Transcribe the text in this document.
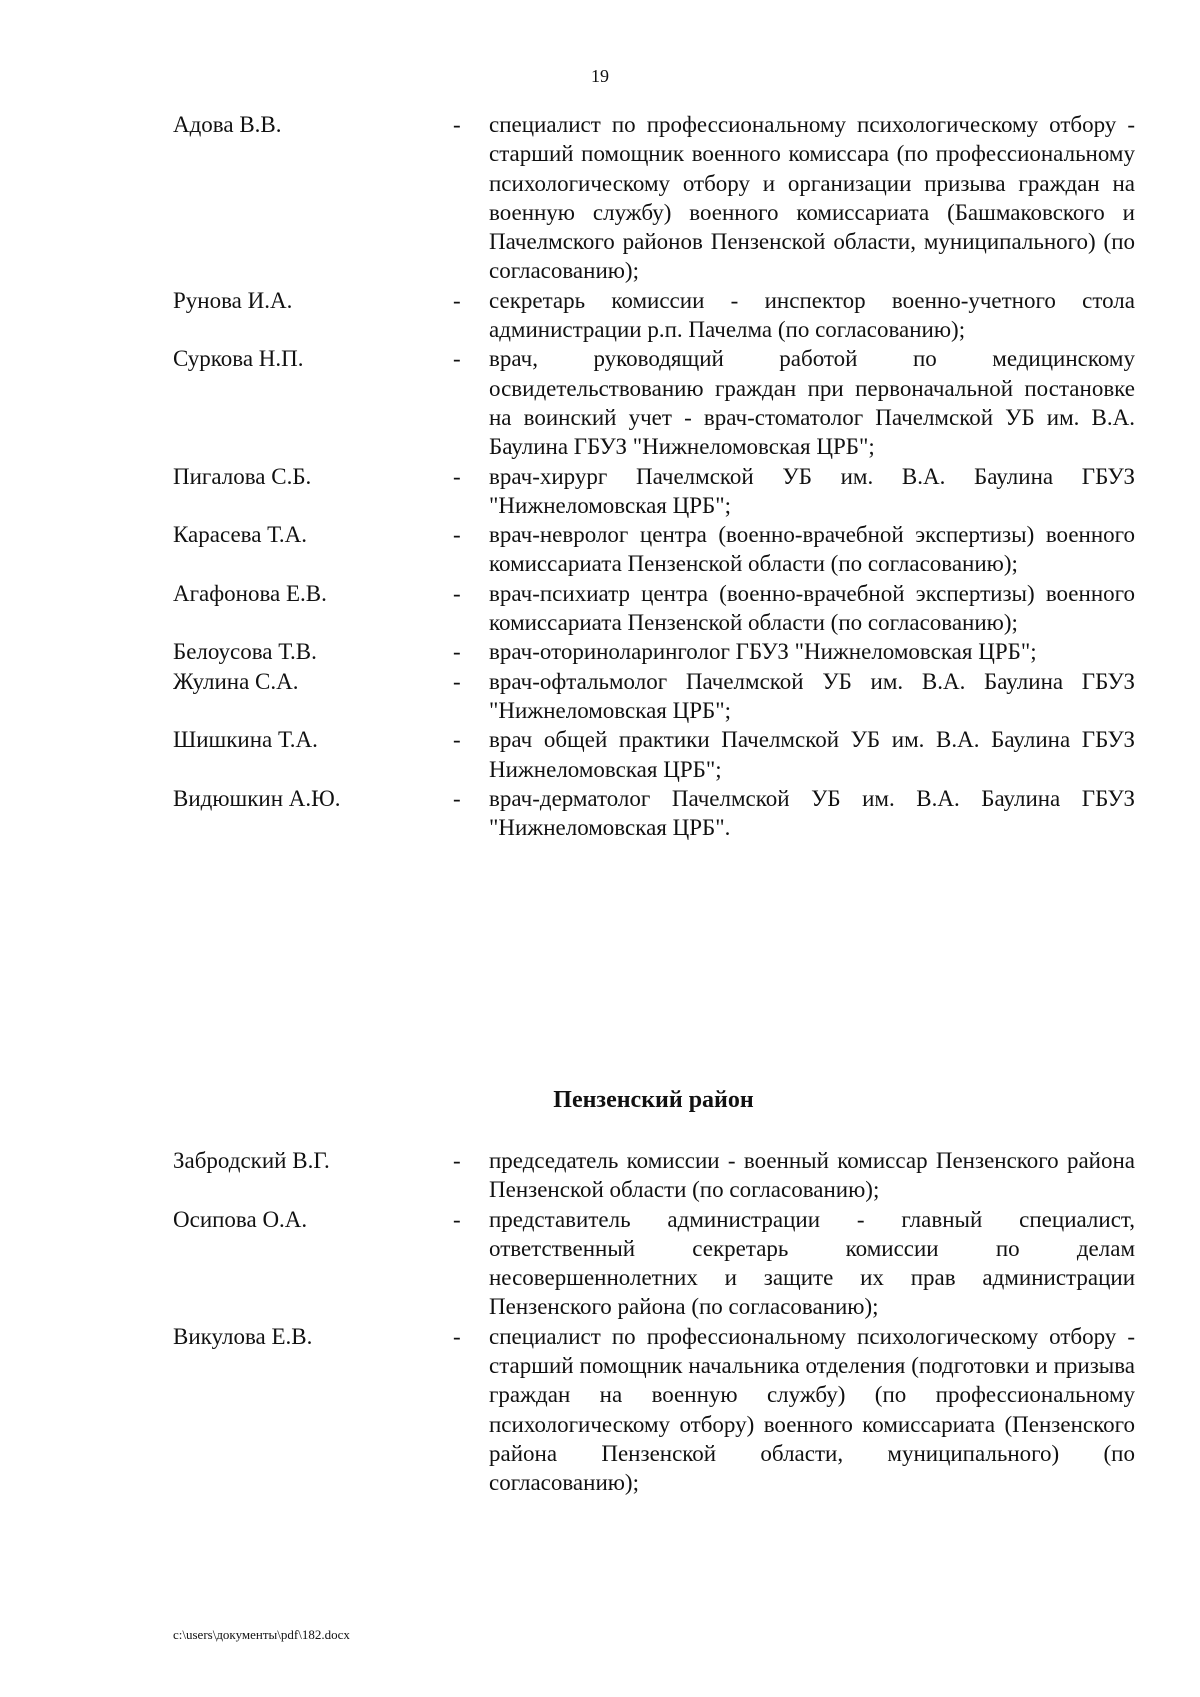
19
Адова В.В.	-	специалист по профессиональному психологическому отбору - старший помощник военного комиссара (по профессиональному психологическому отбору и организации призыва граждан на военную службу) военного комиссариата (Башмаковского и Пачелмского районов Пензенской области, муниципального) (по согласованию);
Рунова И.А.	-	секретарь комиссии - инспектор военно-учетного стола администрации р.п. Пачелма (по согласованию);
Суркова Н.П.	-	врач, руководящий работой по медицинскому освидетельствованию граждан при первоначальной постановке на воинский учет - врач-стоматолог Пачелмской УБ им. В.А. Баулина ГБУЗ "Нижнеломовская ЦРБ";
Пигалова С.Б.	-	врач-хирург Пачелмской УБ им. В.А. Баулина ГБУЗ "Нижнеломовская ЦРБ";
Карасева Т.А.	-	врач-невролог центра (военно-врачебной экспертизы) военного комиссариата Пензенской области (по согласованию);
Агафонова Е.В.	-	врач-психиатр центра (военно-врачебной экспертизы) военного комиссариата Пензенской области (по согласованию);
Белоусова Т.В.	-	врач-оториноларинголог ГБУЗ "Нижнеломовская ЦРБ";
Жулина С.А.	-	врач-офтальмолог Пачелмской УБ им. В.А. Баулина ГБУЗ "Нижнеломовская ЦРБ";
Шишкина Т.А.	-	врач общей практики Пачелмской УБ им. В.А. Баулина ГБУЗ Нижнеломовская ЦРБ";
Видюшкин А.Ю.	-	врач-дерматолог Пачелмской УБ им. В.А. Баулина ГБУЗ "Нижнеломовская ЦРБ".
Пензенский район
Забродский В.Г.	-	председатель комиссии - военный комиссар Пензенского района Пензенской области (по согласованию);
Осипова О.А.	-	представитель администрации - главный специалист, ответственный секретарь комиссии по делам несовершеннолетних и защите их прав администрации Пензенского района (по согласованию);
Викулова Е.В.	-	специалист по профессиональному психологическому отбору - старший помощник начальника отделения (подготовки и призыва граждан на военную службу) (по профессиональному психологическому отбору) военного комиссариата (Пензенского района Пензенской области, муниципального) (по согласованию);
c:\users\документы\pdf\182.docx
